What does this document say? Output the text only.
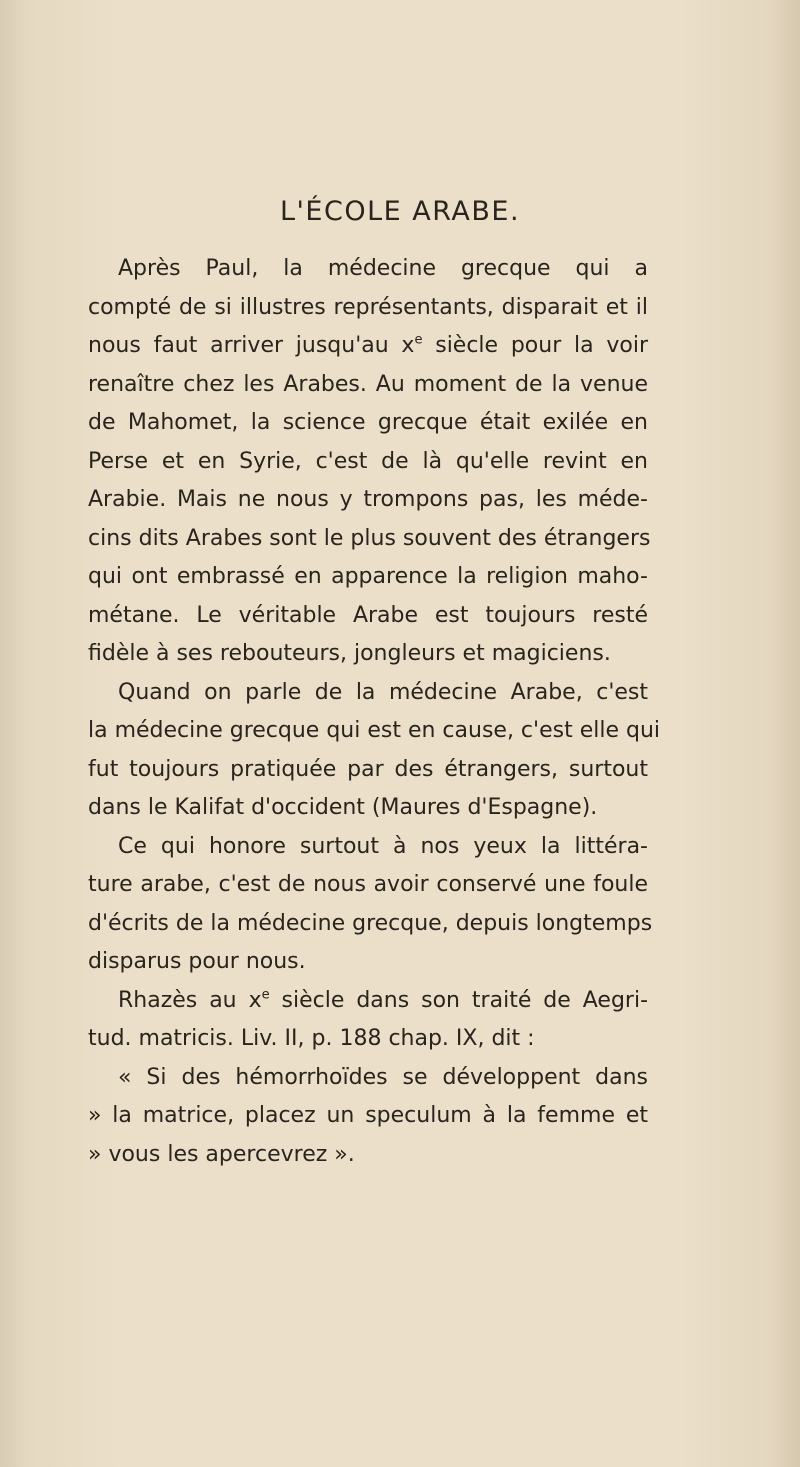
L'ÉCOLE ARABE.
Après Paul, la médecine grecque qui a
compté de si illustres représentants, disparait et il
nous faut arriver jusqu'au $x^e$ siècle pour la voir
renaître chez les Arabes. Au moment de la venue
de Mahomet, la science grecque était exilée en
Perse et en Syrie, c'est de là qu'elle revint en
Arabie. Mais ne nous y trompons pas, les méde-
cins dits Arabes sont le plus souvent des étrangers
qui ont embrassé en apparence la religion maho-
métane. Le véritable Arabe est toujours resté
fidèle à ses rebouteurs, jongleurs et magiciens.
Quand on parle de la médecine Arabe, c'est
la médecine grecque qui est en cause, c'est elle qui
fut toujours pratiquée par des étrangers, surtout
dans le Kalifat d'occident (Maures d'Espagne).
Ce qui honore surtout à nos yeux la littéra-
ture arabe, c'est de nous avoir conservé une foule
d'écrits de la médecine grecque, depuis longtemps
disparus pour nous.
Rhazès au $x^e$ siècle dans son traité de Aegri-
tud. matricis. Liv. II, p. 188 chap. IX, dit :
« Si des hémorrhoïdes se développent dans
» la matrice, placez un speculum à la femme et
» vous les apercevrez ».
